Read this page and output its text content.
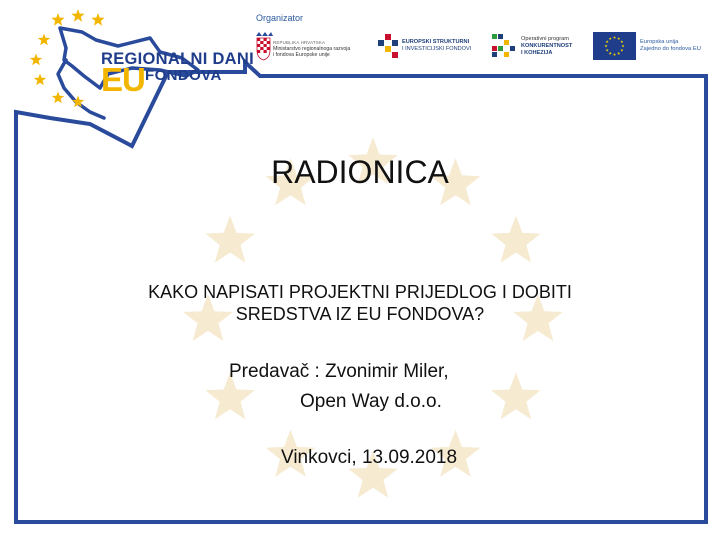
Organizator
REPUBLIKA HRVATSKA
Ministarstvo regionalnoga razvoja
i fondova Europske unije
EUROPSKI STRUKTURNI
I INVESTICIJSKI FONDOVI
Operativni program
KONKURENTNOST
I KOHEZIJA
Europska unija
Zajedno do fondova EU
REGIONALNI DANI
EU FONDOVA
RADIONICA
KAKO NAPISATI PROJEKTNI PRIJEDLOG I DOBITI
SREDSTVA IZ EU FONDOVA?
Predavač : Zvonimir Miler,
Open Way d.o.o.
Vinkovci, 13.09.2018
